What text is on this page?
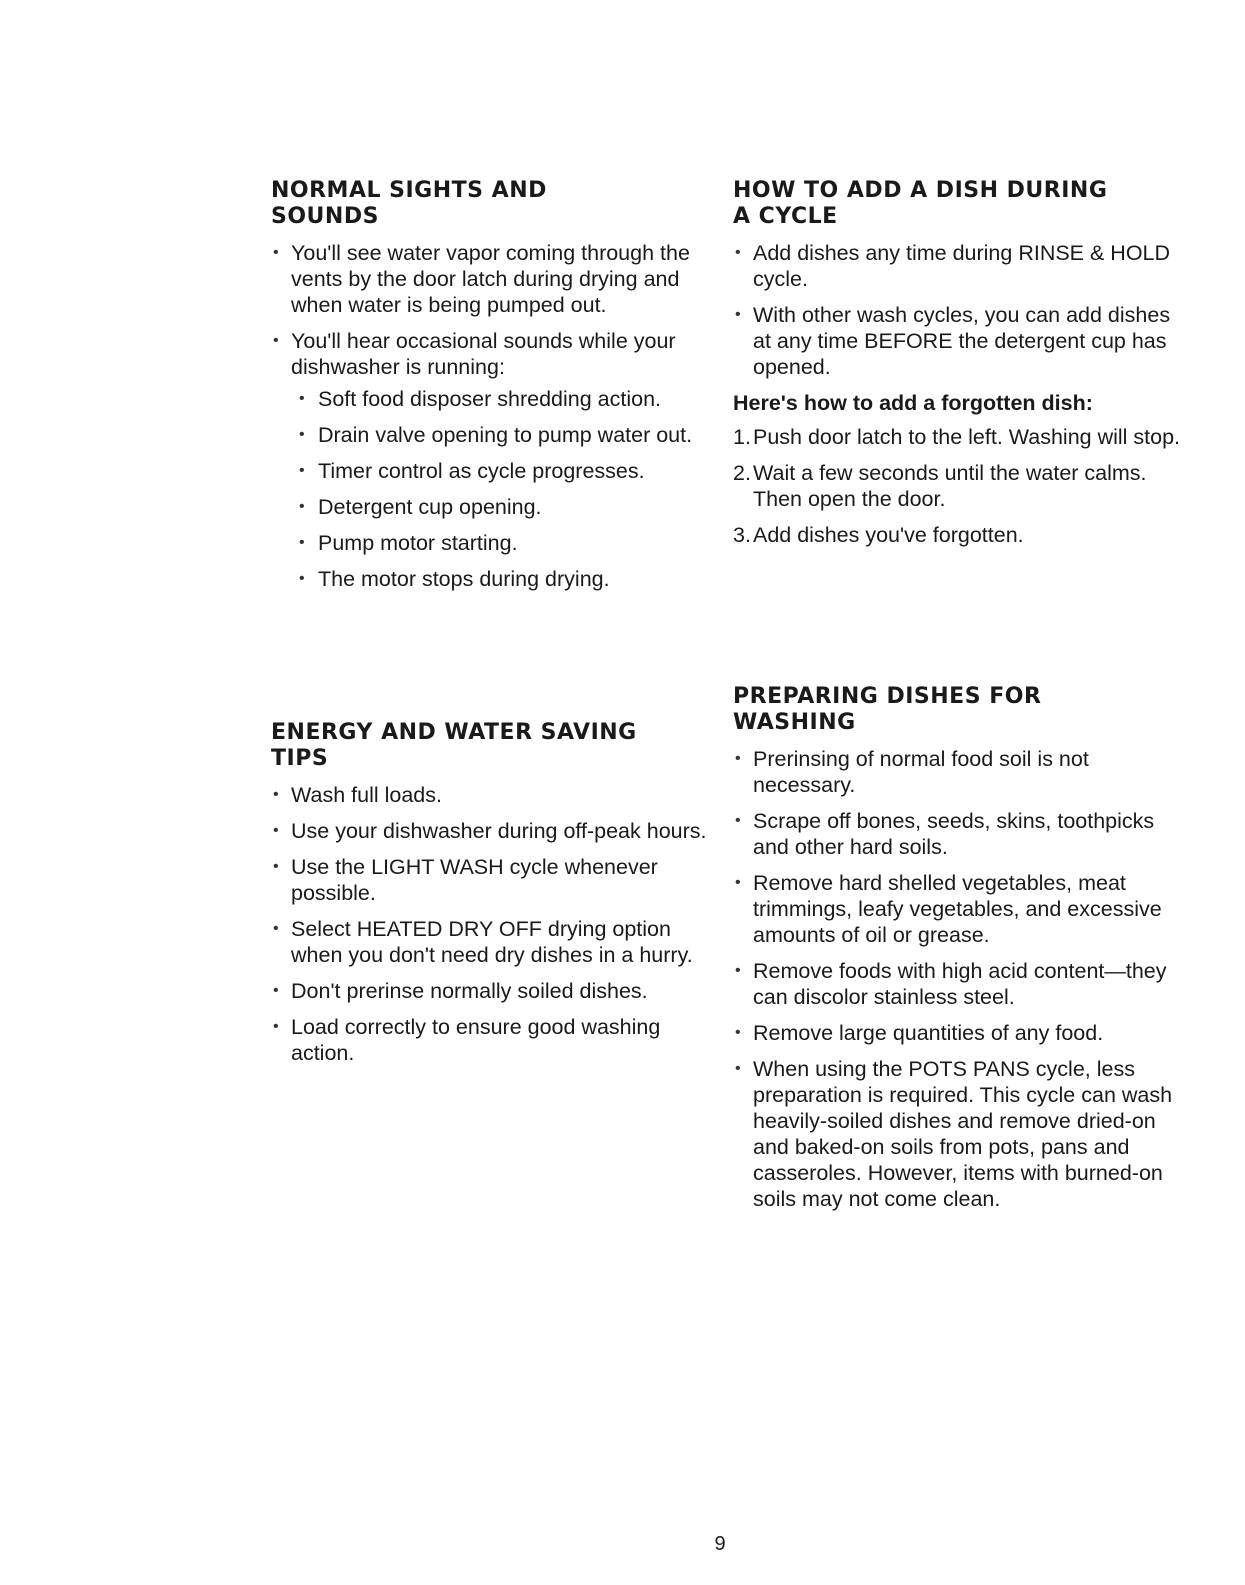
NORMAL SIGHTS AND
SOUNDS
• You'll see water vapor coming through the vents by the door latch during drying and when water is being pumped out.
• You'll hear occasional sounds while your dishwasher is running:
• Soft food disposer shredding action.
• Drain valve opening to pump water out.
• Timer control as cycle progresses.
• Detergent cup opening.
• Pump motor starting.
• The motor stops during drying.
HOW TO ADD A DISH DURING
A CYCLE
• Add dishes any time during RINSE & HOLD cycle.
• With other wash cycles, you can add dishes at any time BEFORE the detergent cup has opened.
Here's how to add a forgotten dish:
1. Push door latch to the left. Washing will stop.
2. Wait a few seconds until the water calms. Then open the door.
3. Add dishes you've forgotten.
ENERGY AND WATER SAVING
TIPS
• Wash full loads.
• Use your dishwasher during off-peak hours.
• Use the LIGHT WASH cycle whenever possible.
• Select HEATED DRY OFF drying option when you don't need dry dishes in a hurry.
• Don't prerinse normally soiled dishes.
• Load correctly to ensure good washing action.
PREPARING DISHES FOR
WASHING
• Prerinsing of normal food soil is not necessary.
• Scrape off bones, seeds, skins, toothpicks and other hard soils.
• Remove hard shelled vegetables, meat trimmings, leafy vegetables, and excessive amounts of oil or grease.
• Remove foods with high acid content—they can discolor stainless steel.
• Remove large quantities of any food.
• When using the POTS PANS cycle, less preparation is required. This cycle can wash heavily-soiled dishes and remove dried-on and baked-on soils from pots, pans and casseroles. However, items with burned-on soils may not come clean.
9
